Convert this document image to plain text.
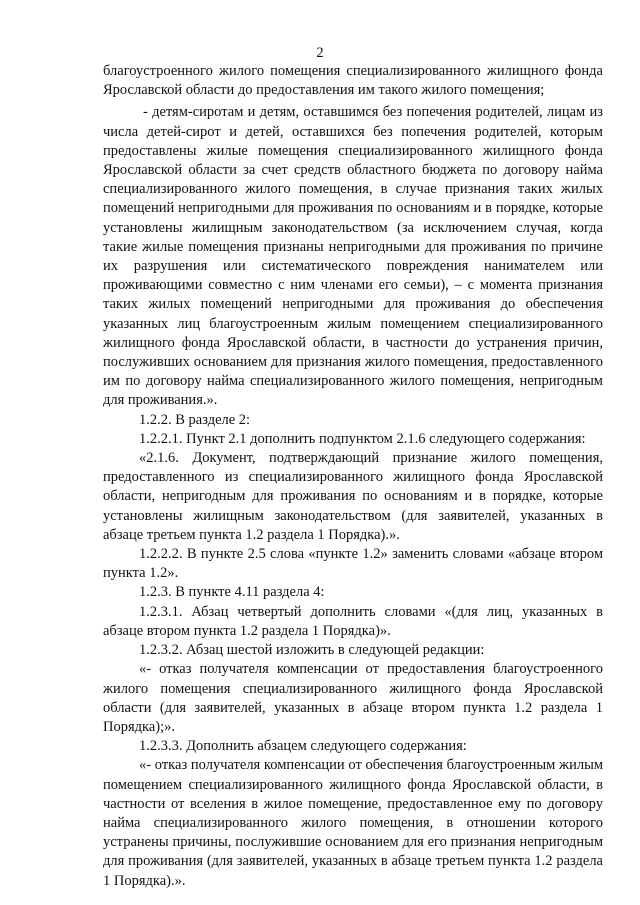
2

благоустроенного жилого помещения специализированного жилищного фонда Ярославской области до предоставления им такого жилого помещения;

- детям-сиротам и детям, оставшимся без попечения родителей, лицам из числа детей-сирот и детей, оставшихся без попечения родителей, которым предоставлены жилые помещения специализированного жилищного фонда Ярославской области за счет средств областного бюджета по договору найма специализированного жилого помещения, в случае признания таких жилых помещений непригодными для проживания по основаниям и в порядке, которые установлены жилищным законодательством (за исключением случая, когда такие жилые помещения признаны непригодными для проживания по причине их разрушения или систематического повреждения нанимателем или проживающими совместно с ним членами его семьи), – с момента признания таких жилых помещений непригодными для проживания до обеспечения указанных лиц благоустроенным жилым помещением специализированного жилищного фонда Ярославской области, в частности до устранения причин, послуживших основанием для признания жилого помещения, предоставленного им по договору найма специализированного жилого помещения, непригодным для проживания.».

1.2.2. В разделе 2:

1.2.2.1. Пункт 2.1 дополнить подпунктом 2.1.6 следующего содержания:

«2.1.6. Документ, подтверждающий признание жилого помещения, предоставленного из специализированного жилищного фонда Ярославской области, непригодным для проживания по основаниям и в порядке, которые установлены жилищным законодательством (для заявителей, указанных в абзаце третьем пункта 1.2 раздела 1 Порядка).».

1.2.2.2. В пункте 2.5 слова «пункте 1.2» заменить словами «абзаце втором пункта 1.2».

1.2.3. В пункте 4.11 раздела 4:

1.2.3.1. Абзац четвертый дополнить словами «(для лиц, указанных в абзаце втором пункта 1.2 раздела 1 Порядка)».

1.2.3.2. Абзац шестой изложить в следующей редакции:

«- отказ получателя компенсации от предоставления благоустроенного жилого помещения специализированного жилищного фонда Ярославской области (для заявителей, указанных в абзаце втором пункта 1.2 раздела 1 Порядка);».

1.2.3.3. Дополнить абзацем следующего содержания:

«- отказ получателя компенсации от обеспечения благоустроенным жилым помещением специализированного жилищного фонда Ярославской области, в частности от вселения в жилое помещение, предоставленное ему по договору найма специализированного жилого помещения, в отношении которого устранены причины, послужившие основанием для его признания непригодным для проживания (для заявителей, указанных в абзаце третьем пункта 1.2 раздела 1 Порядка).».
